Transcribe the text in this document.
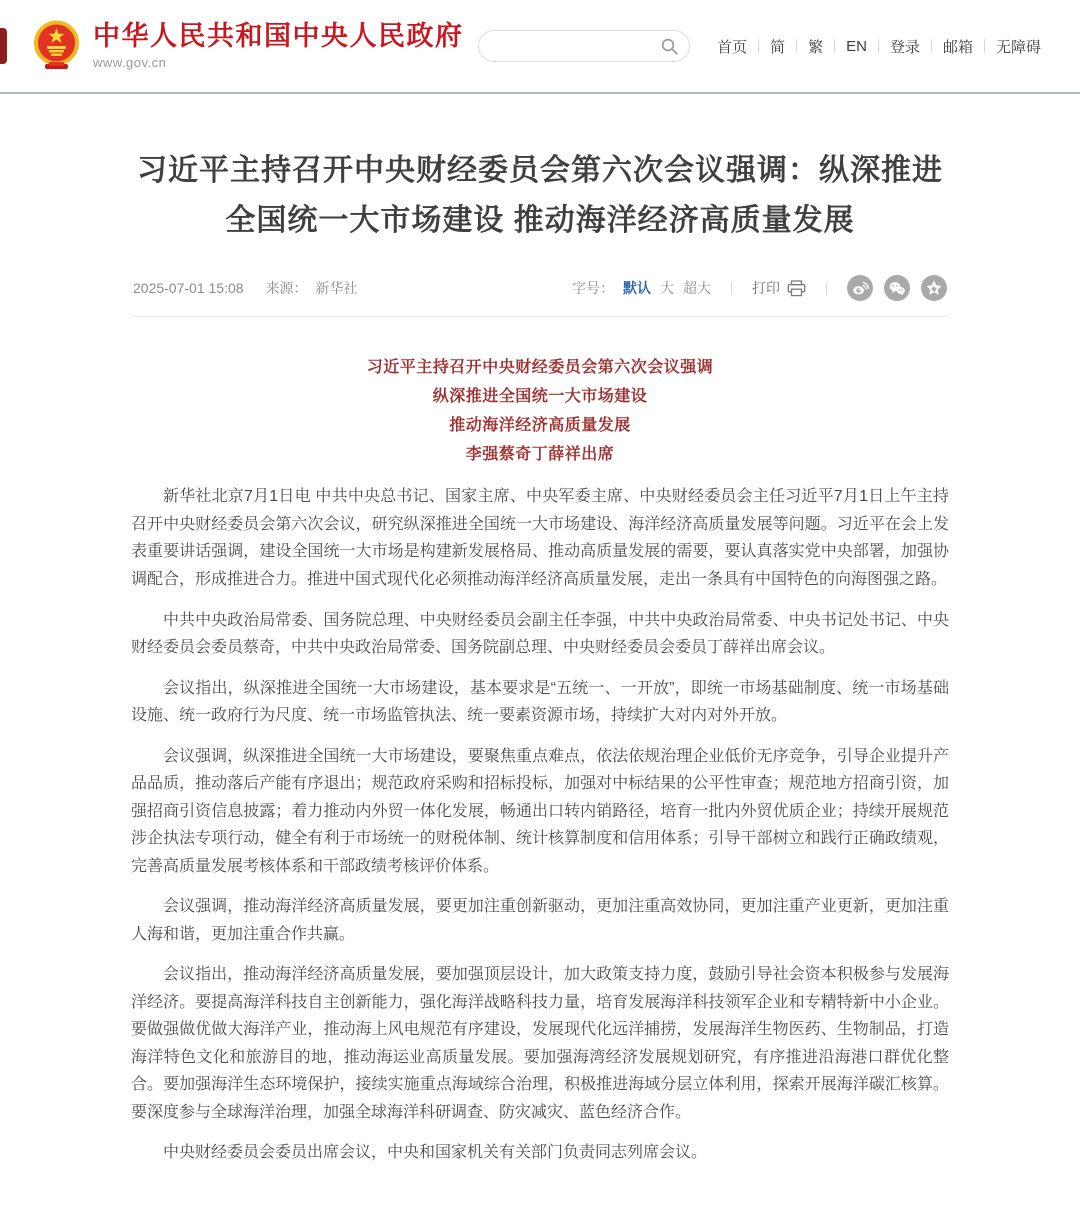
中华人民共和国中央人民政府
www.gov.cn
首页	简	繁	EN	登录	邮箱	无障碍
习近平主持召开中央财经委员会第六次会议强调：纵深推进全国统一大市场建设 推动海洋经济高质量发展
2025-07-01 15:08 来源： 新华社	字号： 默认 大 超大	打印
习近平主持召开中央财经委员会第六次会议强调
纵深推进全国统一大市场建设
推动海洋经济高质量发展
李强蔡奇丁薛祥出席

新华社北京7月1日电 中共中央总书记、国家主席、中央军委主席、中央财经委员会主任习近平7月1日上午主持召开中央财经委员会第六次会议，研究纵深推进全国统一大市场建设、海洋经济高质量发展等问题。习近平在会上发表重要讲话强调，建设全国统一大市场是构建新发展格局、推动高质量发展的需要，要认真落实党中央部署，加强协调配合，形成推进合力。推进中国式现代化必须推动海洋经济高质量发展，走出一条具有中国特色的向海图强之路。

中共中央政治局常委、国务院总理、中央财经委员会副主任李强，中共中央政治局常委、中央书记处书记、中央财经委员会委员蔡奇，中共中央政治局常委、国务院副总理、中央财经委员会委员丁薛祥出席会议。

会议指出，纵深推进全国统一大市场建设，基本要求是“五统一、一开放”，即统一市场基础制度、统一市场基础设施、统一政府行为尺度、统一市场监管执法、统一要素资源市场，持续扩大对内对外开放。

会议强调，纵深推进全国统一大市场建设，要聚焦重点难点，依法依规治理企业低价无序竞争，引导企业提升产品品质，推动落后产能有序退出；规范政府采购和招标投标，加强对中标结果的公平性审查；规范地方招商引资，加强招商引资信息披露；着力推动内外贸一体化发展，畅通出口转内销路径，培育一批内外贸优质企业；持续开展规范涉企执法专项行动，健全有利于市场统一的财税体制、统计核算制度和信用体系；引导干部树立和践行正确政绩观，完善高质量发展考核体系和干部政绩考核评价体系。

会议强调，推动海洋经济高质量发展，要更加注重创新驱动，更加注重高效协同，更加注重产业更新，更加注重人海和谐，更加注重合作共赢。

会议指出，推动海洋经济高质量发展，要加强顶层设计，加大政策支持力度，鼓励引导社会资本积极参与发展海洋经济。要提高海洋科技自主创新能力，强化海洋战略科技力量，培育发展海洋科技领军企业和专精特新中小企业。要做强做优做大海洋产业，推动海上风电规范有序建设，发展现代化远洋捕捞，发展海洋生物医药、生物制品，打造海洋特色文化和旅游目的地，推动海运业高质量发展。要加强海湾经济发展规划研究，有序推进沿海港口群优化整合。要加强海洋生态环境保护，接续实施重点海域综合治理，积极推进海域分层立体利用，探索开展海洋碳汇核算。要深度参与全球海洋治理，加强全球海洋科研调查、防灾减灾、蓝色经济合作。

中央财经委员会委员出席会议，中央和国家机关有关部门负责同志列席会议。
